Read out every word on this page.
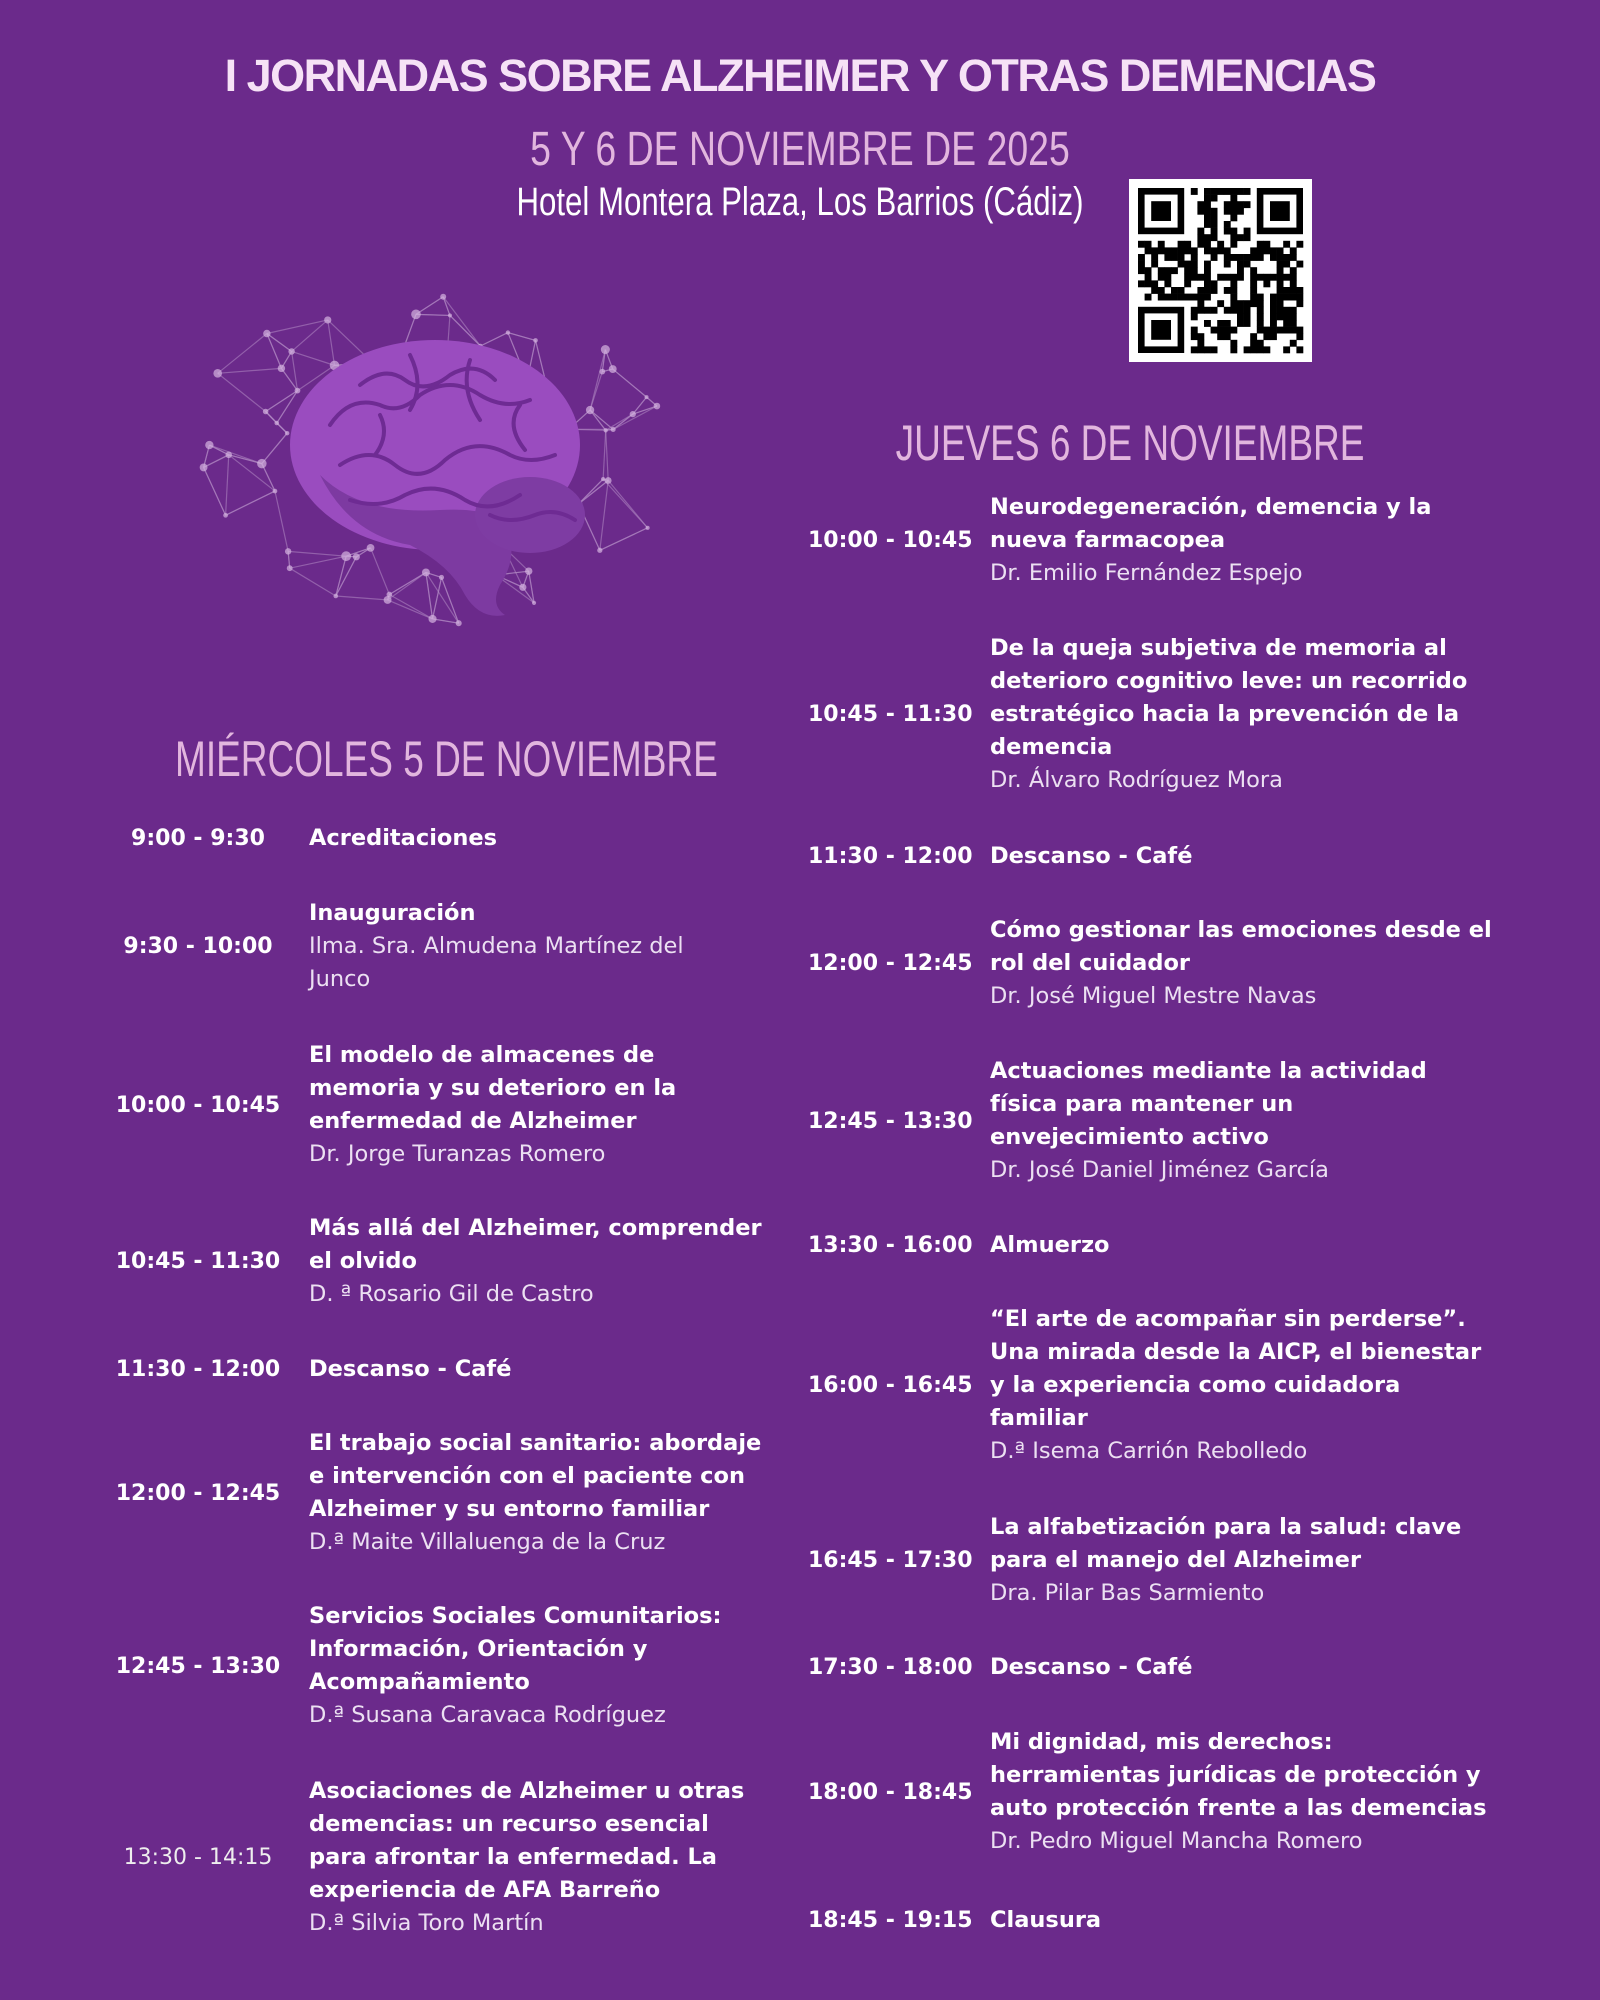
I JORNADAS SOBRE ALZHEIMER Y OTRAS DEMENCIAS
5 Y 6 DE NOVIEMBRE DE 2025
Hotel Montera Plaza, Los Barrios (Cádiz)
MIÉRCOLES 5 DE NOVIEMBRE
JUEVES 6 DE NOVIEMBRE
9:00 - 9:30	Acreditaciones
9:30 - 10:00
Inauguración
Ilma. Sra. Almudena Martínez del
Junco
10:00 - 10:45
El modelo de almacenes de
memoria y su deterioro en la
enfermedad de Alzheimer
Dr. Jorge Turanzas Romero
10:45 - 11:30
Más allá del Alzheimer, comprender
el olvido
D. ª Rosario Gil de Castro
11:30 - 12:00	Descanso - Café
12:00 - 12:45
El trabajo social sanitario: abordaje
e intervención con el paciente con
Alzheimer y su entorno familiar
D.ª Maite Villaluenga de la Cruz
12:45 - 13:30
Servicios Sociales Comunitarios:
Información, Orientación y
Acompañamiento
D.ª Susana Caravaca Rodríguez
13:30 - 14:15
Asociaciones de Alzheimer u otras
demencias: un recurso esencial
para afrontar la enfermedad. La
experiencia de AFA Barreño
D.ª Silvia Toro Martín
10:00 - 10:45
Neurodegeneración, demencia y la
nueva farmacopea
Dr. Emilio Fernández Espejo
10:45 - 11:30
De la queja subjetiva de memoria al
deterioro cognitivo leve: un recorrido
estratégico hacia la prevención de la
demencia
Dr. Álvaro Rodríguez Mora
11:30 - 12:00 Descanso - Café
12:00 - 12:45
Cómo gestionar las emociones desde el
rol del cuidador
Dr. José Miguel Mestre Navas
12:45 - 13:30
Actuaciones mediante la actividad
física para mantener un
envejecimiento activo
Dr. José Daniel Jiménez García
13:30 - 16:00 Almuerzo
16:00 - 16:45
“El arte de acompañar sin perderse”.
Una mirada desde la AICP, el bienestar
y la experiencia como cuidadora
familiar
D.ª Isema Carrión Rebolledo
16:45 - 17:30
La alfabetización para la salud: clave
para el manejo del Alzheimer
Dra. Pilar Bas Sarmiento
17:30 - 18:00 Descanso - Café
18:00 - 18:45
Mi dignidad, mis derechos:
herramientas jurídicas de protección y
auto protección frente a las demencias
Dr. Pedro Miguel Mancha Romero
18:45 - 19:15 Clausura
